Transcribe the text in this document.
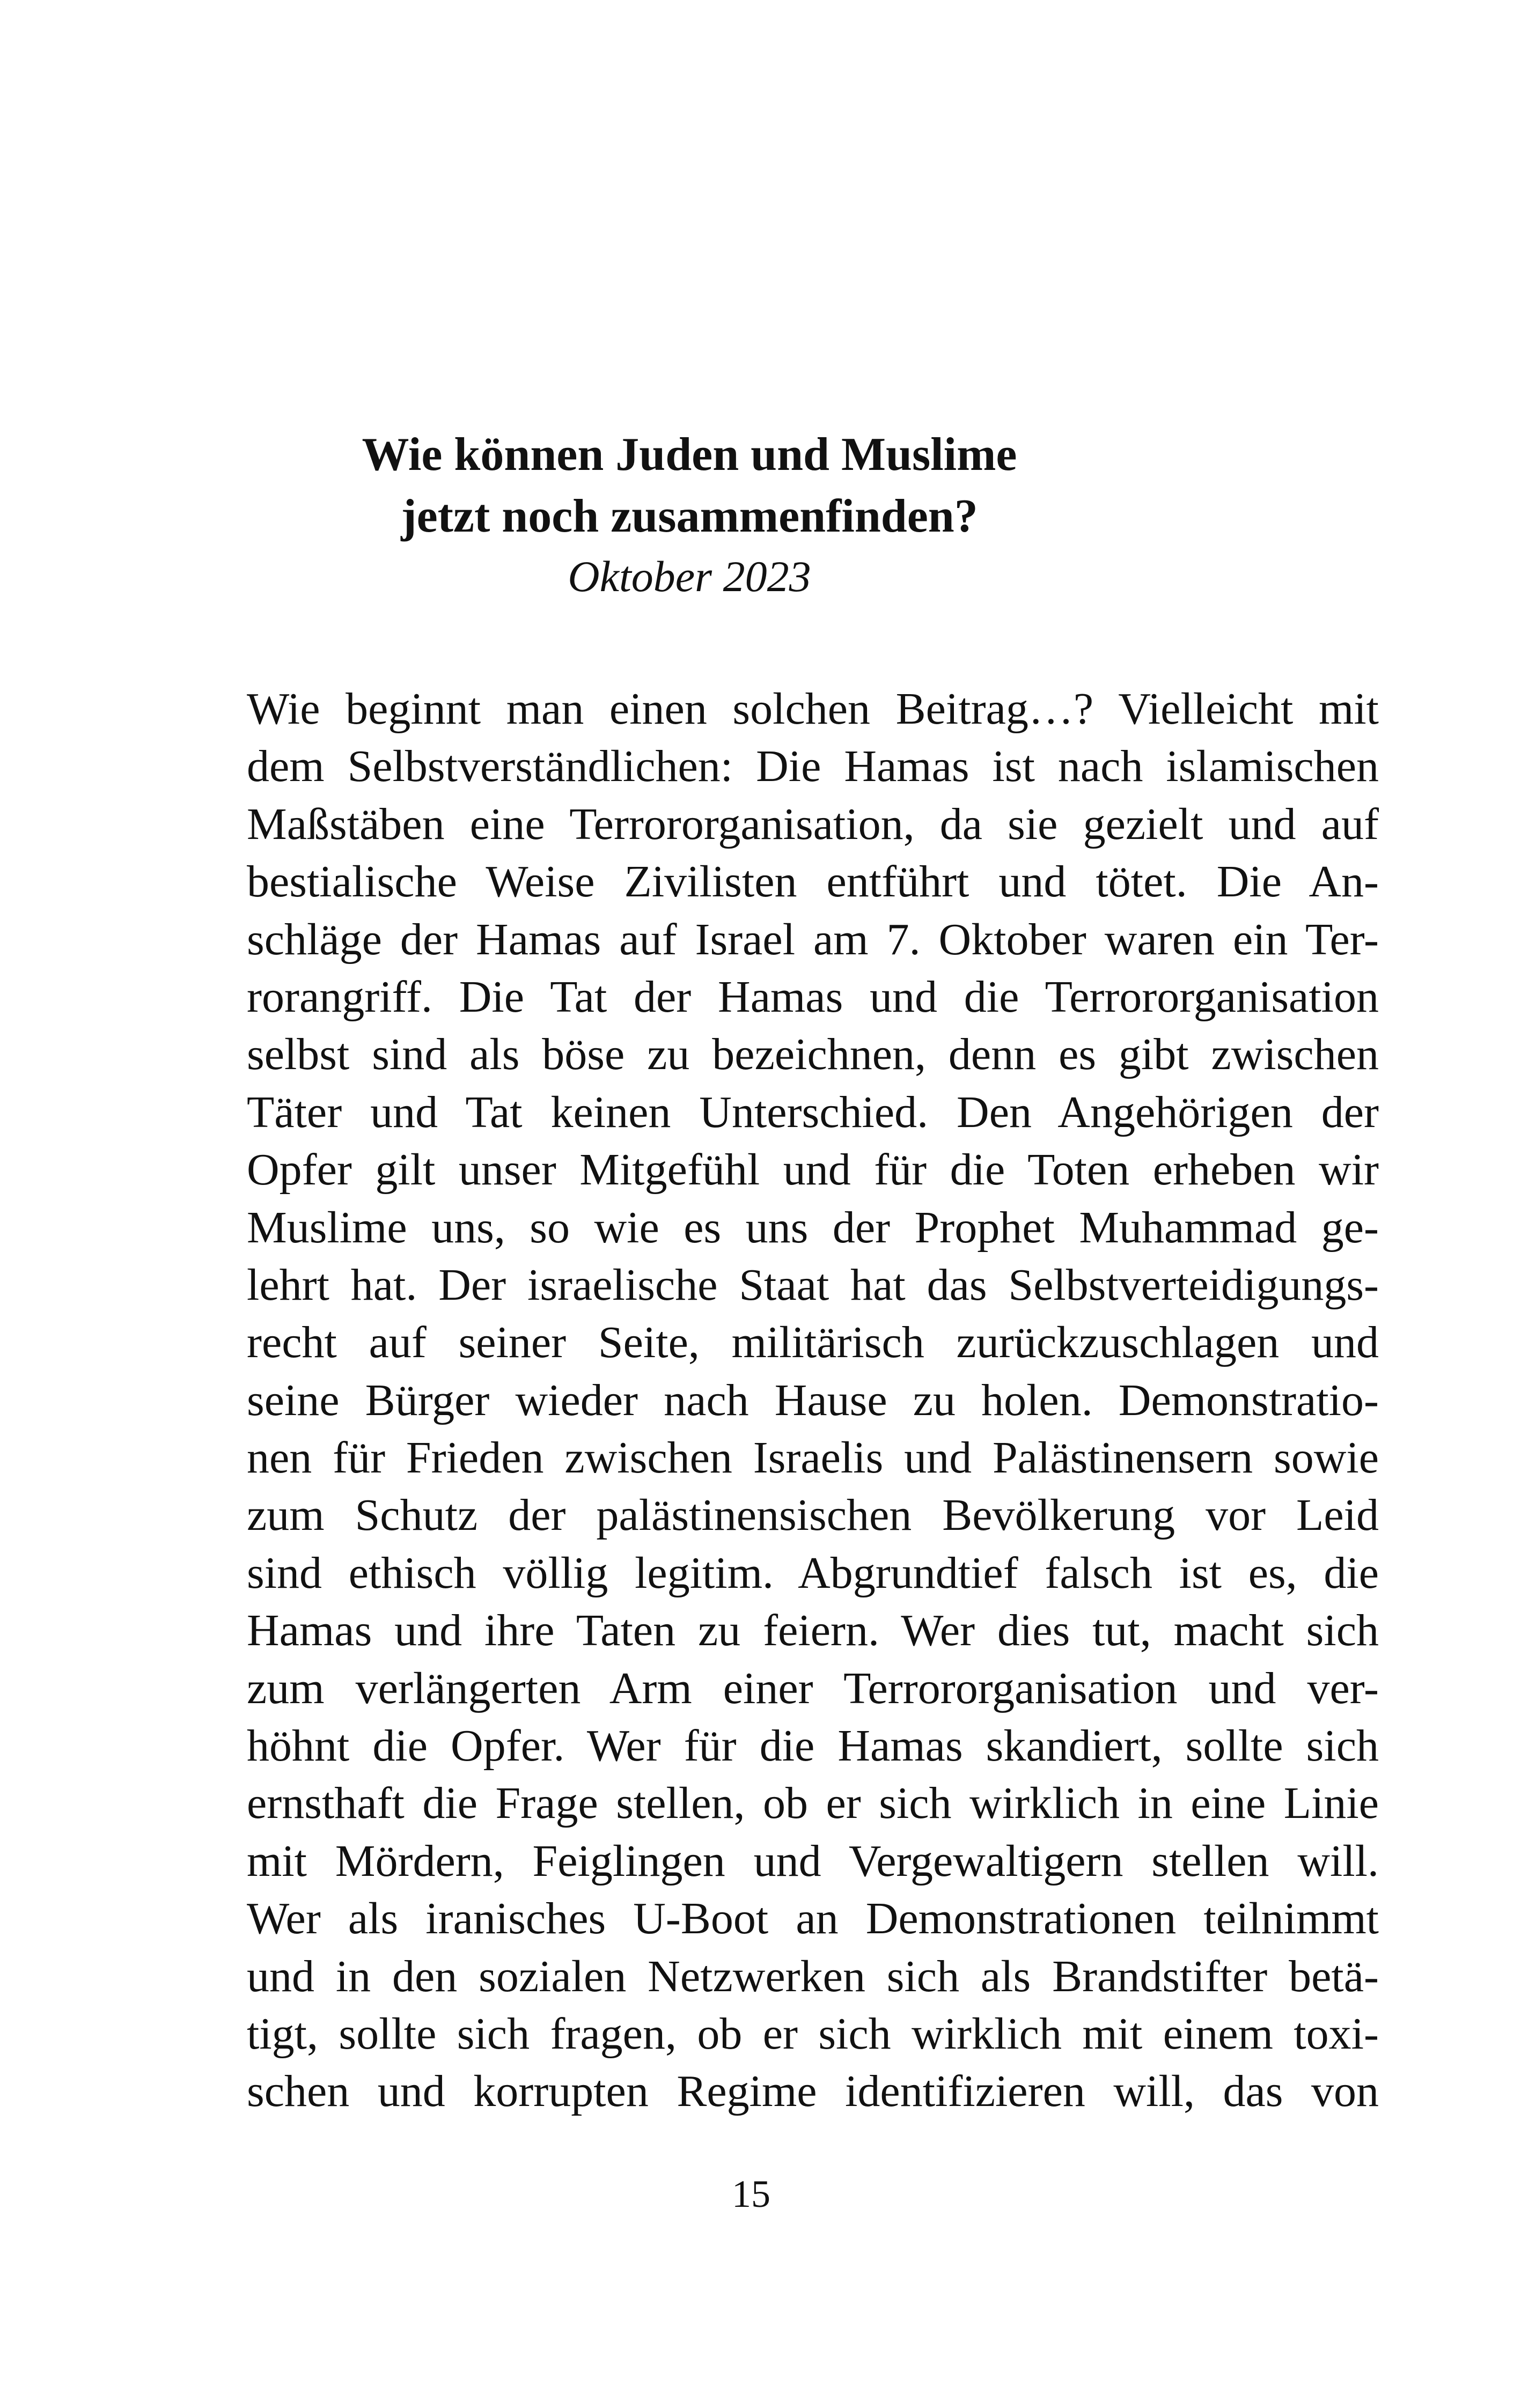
Wie können Juden und Muslime
jetzt noch zusammenfinden?
Oktober 2023
Wie beginnt man einen solchen Beitrag…? Vielleicht mit
dem Selbstverständlichen: Die Hamas ist nach islamischen
Maßstäben eine Terrororganisation, da sie gezielt und auf
bestialische Weise Zivilisten entführt und tötet. Die An-
schläge der Hamas auf Israel am 7. Oktober waren ein Ter-
rorangriff. Die Tat der Hamas und die Terrororganisation
selbst sind als böse zu bezeichnen, denn es gibt zwischen
Täter und Tat keinen Unterschied. Den Angehörigen der
Opfer gilt unser Mitgefühl und für die Toten erheben wir
Muslime uns, so wie es uns der Prophet Muhammad ge-
lehrt hat. Der israelische Staat hat das Selbstverteidigungs-
recht auf seiner Seite, militärisch zurückzuschlagen und
seine Bürger wieder nach Hause zu holen. Demonstratio-
nen für Frieden zwischen Israelis und Palästinensern sowie
zum Schutz der palästinensischen Bevölkerung vor Leid
sind ethisch völlig legitim. Abgrundtief falsch ist es, die
Hamas und ihre Taten zu feiern. Wer dies tut, macht sich
zum verlängerten Arm einer Terrororganisation und ver-
höhnt die Opfer. Wer für die Hamas skandiert, sollte sich
ernsthaft die Frage stellen, ob er sich wirklich in eine Linie
mit Mördern, Feiglingen und Vergewaltigern stellen will.
Wer als iranisches U-Boot an Demonstrationen teilnimmt
und in den sozialen Netzwerken sich als Brandstifter betä-
tigt, sollte sich fragen, ob er sich wirklich mit einem toxi-
schen und korrupten Regime identifizieren will, das von
15
